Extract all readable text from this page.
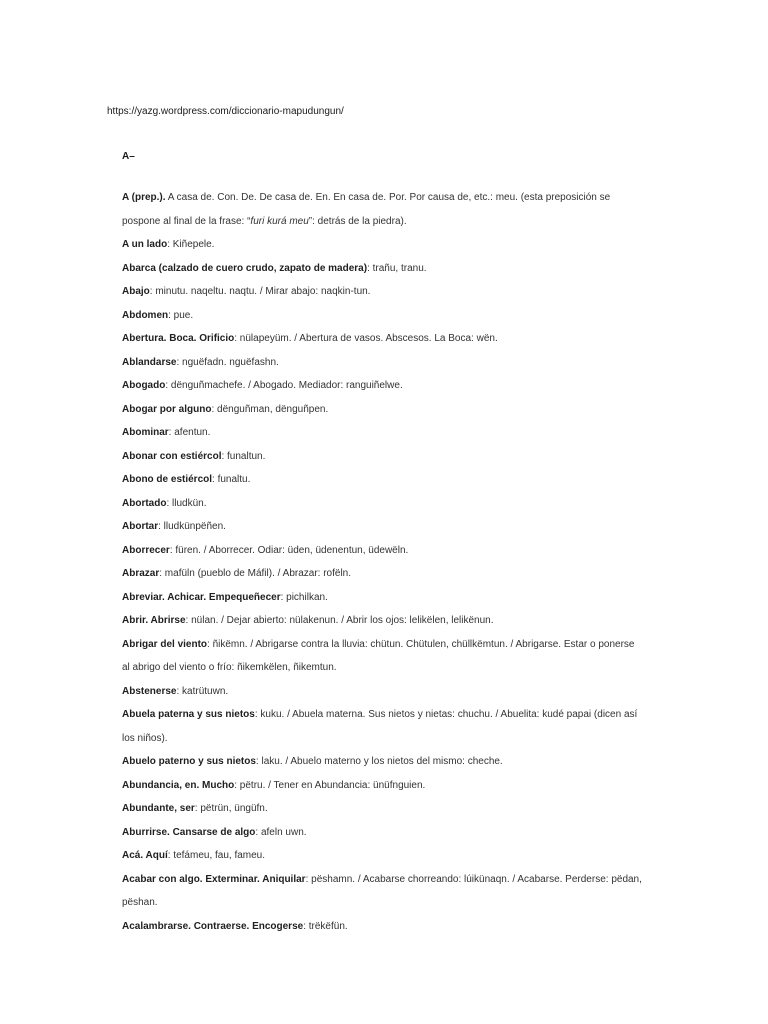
https://yazg.wordpress.com/diccionario-mapudungun/
A–

A (prep.). A casa de. Con. De. De casa de. En. En casa de. Por. Por causa de, etc.: meu. (esta preposición se pospone al final de la frase: “furi kurá meu”: detrás de la piedra).

A un lado: Kiñepele.

Abarca (calzado de cuero crudo, zapato de madera): trañu, tranu.

Abajo: minutu. naqeltu. naqtu. / Mirar abajo: naqkin-tun.

Abdomen: pue.

Abertura. Boca. Orificio: nülapeyüm. / Abertura de vasos. Abscesos. La Boca: wën.

Ablandarse: nguëfadn. nguëfashn.

Abogado: dënguñmachefe. / Abogado. Mediador: ranguiñelwe.

Abogar por alguno: dënguñman, dënguñpen.

Abominar: afentun.

Abonar con estiércol: funaltun.

Abono de estiércol: funaltu.

Abortado: lludkün.

Abortar: lludkünpëñen.

Aborrecer: füren. / Aborrecer. Odiar: üden, üdenentun, üdewëln.

Abrazar: mafüln (pueblo de Máfil). / Abrazar: rofëln.

Abreviar. Achicar. Empequeñecer: pichilkan.

Abrir. Abrirse: nülan. / Dejar abierto: nülakenun. / Abrir los ojos: lelikëlen, lelikënun.

Abrigar del viento: ñikëmn. / Abrigarse contra la lluvia: chütun. Chütulen, chüllkëmtun. / Abrigarse. Estar o ponerse al abrigo del viento o frío: ñikemkëlen, ñikemtun.

Abstenerse: katrütuwn.

Abuela paterna y sus nietos: kuku. / Abuela materna. Sus nietos y nietas: chuchu. / Abuelita: kudé papai (dicen así los niños).

Abuelo paterno y sus nietos: laku. / Abuelo materno y los nietos del mismo: cheche.

Abundancia, en. Mucho: pëtru. / Tener en Abundancia: ünüfnguien.

Abundante, ser: pëtrün, üngüfn.

Aburrirse. Cansarse de algo: afeln uwn.

Acá. Aquí: tefámeu, fau, fameu.

Acabar con algo. Exterminar. Aniquilar: pëshamn. / Acabarse chorreando: lúikünaqn. / Acabarse. Perderse: pëdan, pëshan.

Acalambrarse. Contraerse. Encogerse: trëkëfün.
